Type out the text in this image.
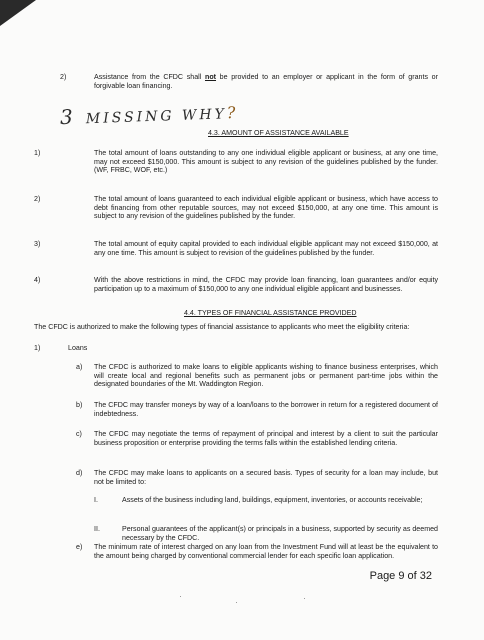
2)	Assistance from the CFDC shall not be provided to an employer or applicant in the form of grants or forgivable loan financing.

3 MISSING WHY?

4.3. AMOUNT OF ASSISTANCE AVAILABLE

1)	The total amount of loans outstanding to any one individual eligible applicant or business, at any one time, may not exceed $150,000. This amount is subject to any revision of the guidelines published by the funder. (WF, FRBC, WOF, etc.)

2)	The total amount of loans guaranteed to each individual eligible applicant or business, which have access to debt financing from other reputable sources, may not exceed $150,000, at any one time. This amount is subject to any revision of the guidelines published by the funder.

3)	The total amount of equity capital provided to each individual eligible applicant may not exceed $150,000, at any one time. This amount is subject to revision of the guidelines published by the funder.

4)	With the above restrictions in mind, the CFDC may provide loan financing, loan guarantees and/or equity participation up to a maximum of $150,000 to any one individual eligible applicant and businesses.

4.4. TYPES OF FINANCIAL ASSISTANCE PROVIDED

The CFDC is authorized to make the following types of financial assistance to applicants who meet the eligibility criteria:

1)	Loans
a) The CFDC is authorized to make loans to eligible applicants wishing to finance business enterprises, which will create local and regional benefits such as permanent jobs or permanent part-time jobs within the designated boundaries of the Mt. Waddington Region.

b) The CFDC may transfer moneys by way of a loan/loans to the borrower in return for a registered document of indebtedness.

c) The CFDC may negotiate the terms of repayment of principal and interest by a client to suit the particular business proposition or enterprise providing the terms falls within the established lending criteria.

d) The CFDC may make loans to applicants on a secured basis. Types of security for a loan may include, but not be limited to:

I.	Assets of the business including land, buildings, equipment, inventories, or accounts receivable;

II.	Personal guarantees of the applicant(s) or principals in a business, supported by security as deemed necessary by the CFDC.

e) The minimum rate of interest charged on any loan from the Investment Fund will at least be the equivalent to the amount being charged by conventional commercial lender for each specific loan application.

Page 9 of 32
